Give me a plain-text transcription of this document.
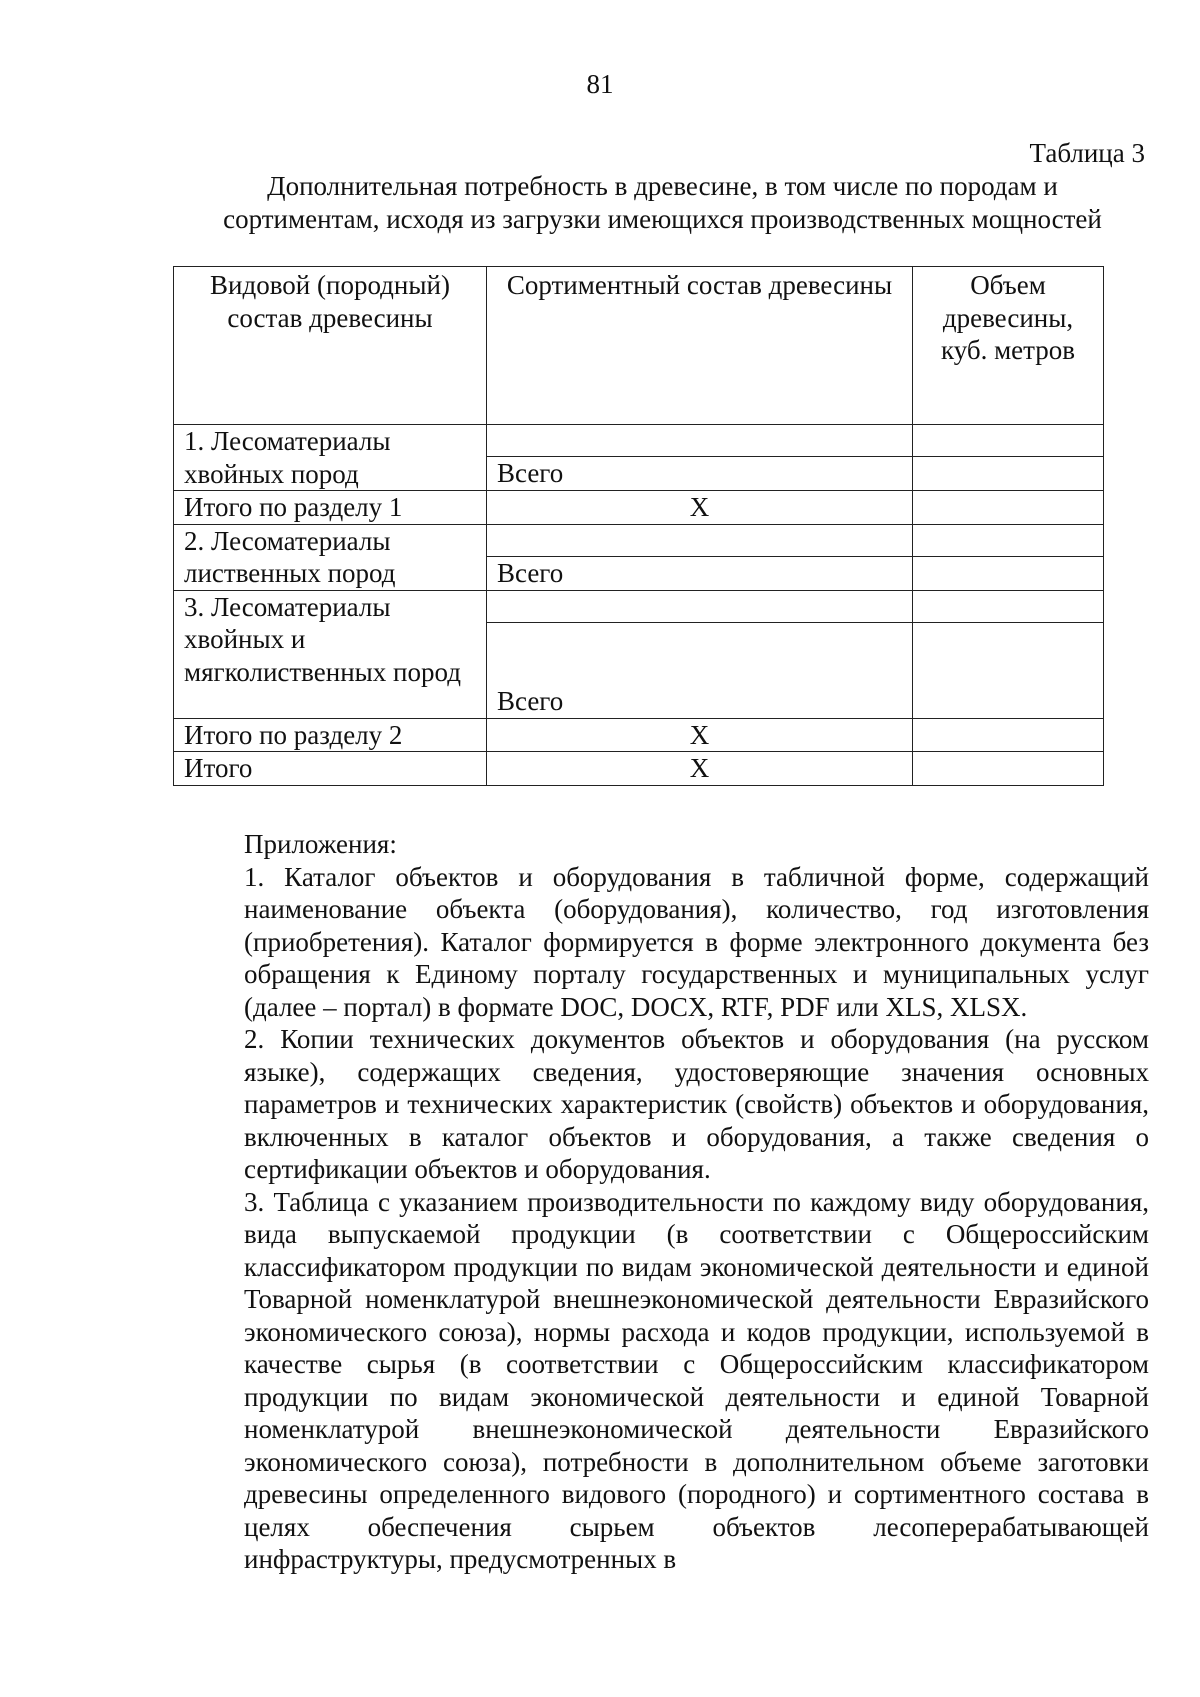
81
Таблица 3
Дополнительная потребность в древесине, в том числе по породам и
сортиментам, исходя из загрузки имеющихся производственных мощностей
Видовой (породный) состав древесины	Сортиментный состав древесины	Объем древесины, куб. метров
1. Лесоматериалы хвойных пород		
	Всего	
Итого по разделу 1	X	
2. Лесоматериалы лиственных пород		
	Всего	
3. Лесоматериалы хвойных и мягколиственных пород		
	Всего	
Итого по разделу 2	X	
Итого	X	

Приложения:

1. Каталог объектов и оборудования в табличной форме, содержащий наименование объекта (оборудования), количество, год изготовления (приобретения). Каталог формируется в форме электронного документа без обращения к Единому порталу государственных и муниципальных услуг (далее – портал) в формате DOC, DOCX, RTF, PDF или XLS, XLSX.

2. Копии технических документов объектов и оборудования (на русском языке), содержащих сведения, удостоверяющие значения основных параметров и технических характеристик (свойств) объектов и оборудования, включенных в каталог объектов и оборудования, а также сведения о сертификации объектов и оборудования.

3. Таблица с указанием производительности по каждому виду оборудования, вида выпускаемой продукции (в соответствии с Общероссийским классификатором продукции по видам экономической деятельности и единой Товарной номенклатурой внешнеэкономической деятельности Евразийского экономического союза), нормы расхода и кодов продукции, используемой в качестве сырья (в соответствии с Общероссийским классификатором продукции по видам экономической деятельности и единой Товарной номенклатурой внешнеэкономической деятельности Евразийского экономического союза), потребности в дополнительном объеме заготовки древесины определенного видового (породного) и сортиментного состава в целях обеспечения сырьем объектов лесоперерабатывающей инфраструктуры, предусмотренных в
